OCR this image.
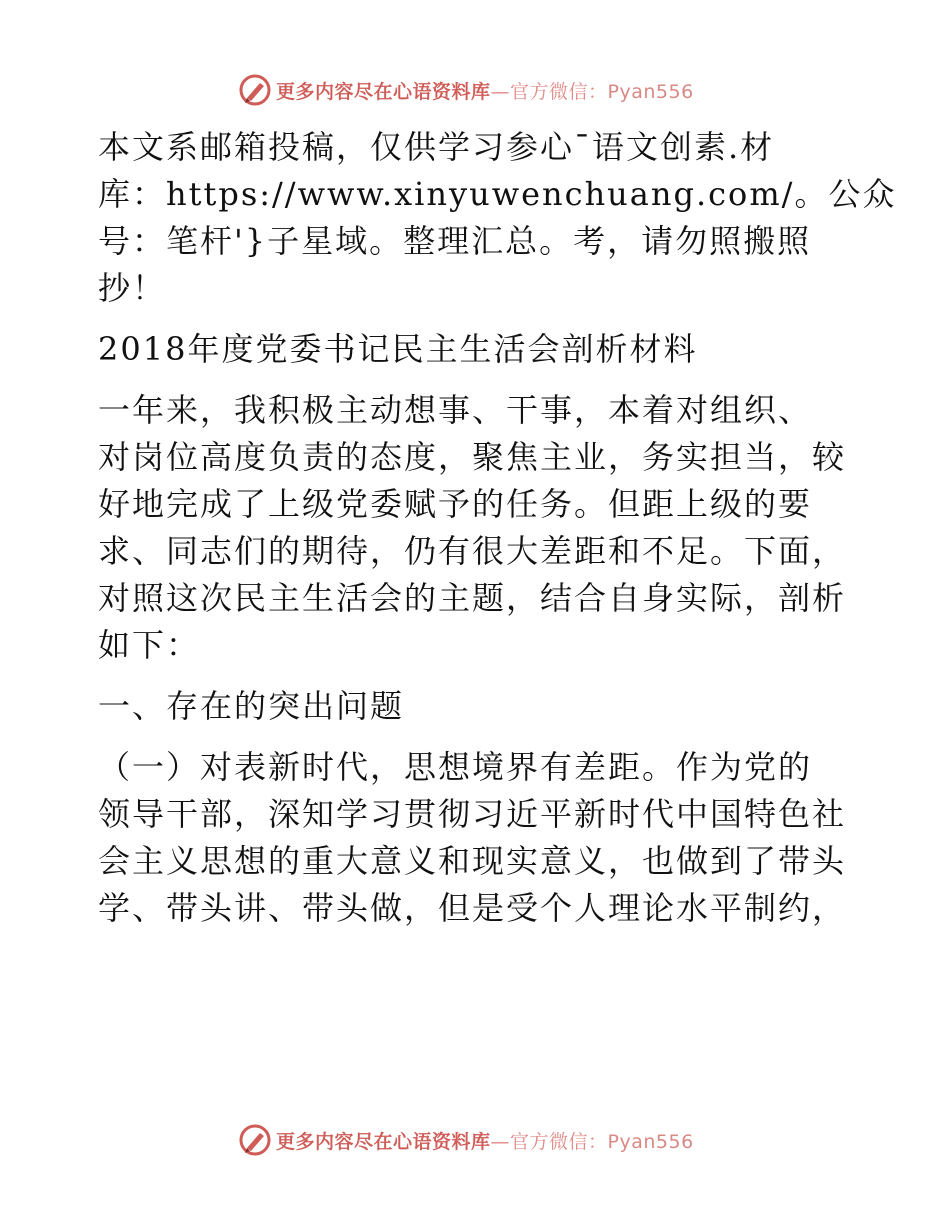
更多内容尽在心语资料库—官方微信：Pyan556
本文系邮箱投稿，仅供学习参心¯语文创素.材
库：https://www.xinyuwenchuang.com/。公众
号：笔杆'}子星域。整理汇总。考，请勿照搬照
抄！
2018年度党委书记民主生活会剖析材料
一年来，我积极主动想事、干事，本着对组织、
对岗位高度负责的态度，聚焦主业，务实担当，较
好地完成了上级党委赋予的任务。但距上级的要
求、同志们的期待，仍有很大差距和不足。下面，
对照这次民主生活会的主题，结合自身实际，剖析
如下：
一、存在的突出问题
（一）对表新时代，思想境界有差距。作为党的
领导干部，深知学习贯彻习近平新时代中国特色社
会主义思想的重大意义和现实意义，也做到了带头
学、带头讲、带头做，但是受个人理论水平制约，
更多内容尽在心语资料库—官方微信：Pyan556
